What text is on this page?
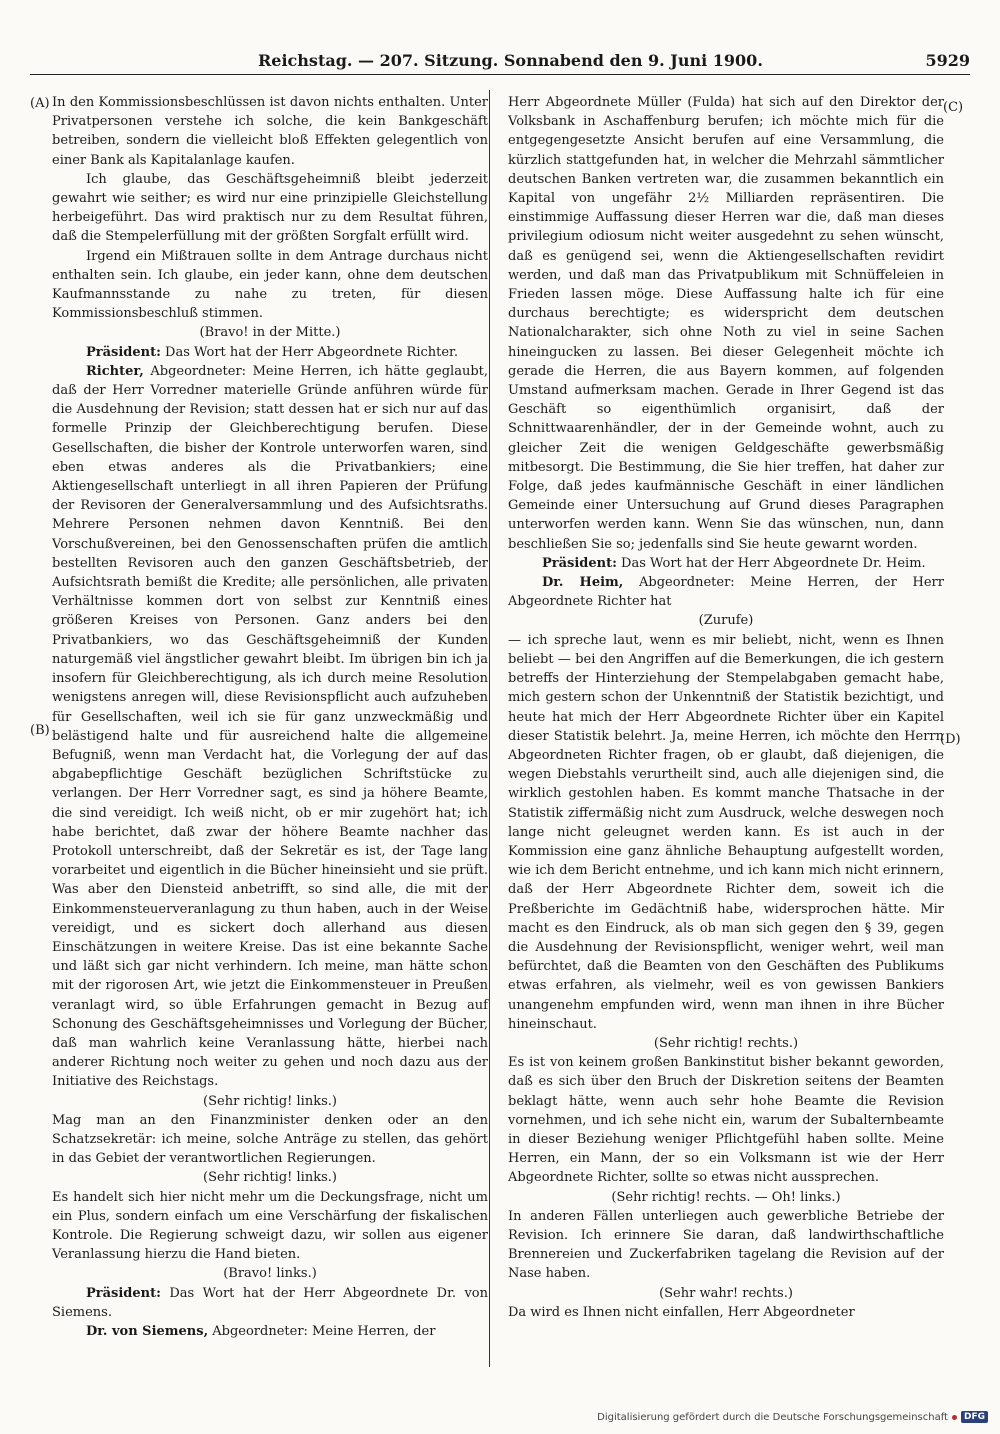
Reichstag. — 207. Sitzung. Sonnabend den 9. Juni 1900.	5929
(A)
(B)
(C)
(D)

In den Kommissionsbeschlüssen ist davon nichts enthalten. Unter Privatpersonen verstehe ich solche, die kein Bankgeschäft betreiben, sondern die vielleicht bloß Effekten gelegentlich von einer Bank als Kapitalanlage kaufen.

Ich glaube, das Geschäftsgeheimniß bleibt jederzeit gewahrt wie seither; es wird nur eine prinzipielle Gleichstellung herbeigeführt. Das wird praktisch nur zu dem Resultat führen, daß die Stempelerfüllung mit der größten Sorgfalt erfüllt wird.

Irgend ein Mißtrauen sollte in dem Antrage durchaus nicht enthalten sein. Ich glaube, ein jeder kann, ohne dem deutschen Kaufmannsstande zu nahe zu treten, für diesen Kommissionsbeschluß stimmen.

(Bravo! in der Mitte.)

Präsident: Das Wort hat der Herr Abgeordnete Richter.

Richter, Abgeordneter: Meine Herren, ich hätte geglaubt, daß der Herr Vorredner materielle Gründe anführen würde für die Ausdehnung der Revision; statt dessen hat er sich nur auf das formelle Prinzip der Gleichberechtigung berufen. Diese Gesellschaften, die bisher der Kontrole unterworfen waren, sind eben etwas anderes als die Privatbankiers; eine Aktiengesellschaft unterliegt in all ihren Papieren der Prüfung der Revisoren der Generalversammlung und des Aufsichtsraths. Mehrere Personen nehmen davon Kenntniß. Bei den Vorschußvereinen, bei den Genossenschaften prüfen die amtlich bestellten Revisoren auch den ganzen Geschäftsbetrieb, der Aufsichtsrath bemißt die Kredite; alle persönlichen, alle privaten Verhältnisse kommen dort von selbst zur Kenntniß eines größeren Kreises von Personen. Ganz anders bei den Privatbankiers, wo das Geschäftsgeheimniß der Kunden naturgemäß viel ängstlicher gewahrt bleibt. Im übrigen bin ich ja insofern für Gleichberechtigung, als ich durch meine Resolution wenigstens anregen will, diese Revisionspflicht auch aufzuheben für Gesellschaften, weil ich sie für ganz unzweckmäßig und belästigend halte und für ausreichend halte die allgemeine Befugniß, wenn man Verdacht hat, die Vorlegung der auf das abgabepflichtige Geschäft bezüglichen Schriftstücke zu verlangen. Der Herr Vorredner sagt, es sind ja höhere Beamte, die sind vereidigt. Ich weiß nicht, ob er mir zugehört hat; ich habe berichtet, daß zwar der höhere Beamte nachher das Protokoll unterschreibt, daß der Sekretär es ist, der Tage lang vorarbeitet und eigentlich in die Bücher hineinsieht und sie prüft. Was aber den Diensteid anbetrifft, so sind alle, die mit der Einkommensteuerveranlagung zu thun haben, auch in der Weise vereidigt, und es sickert doch allerhand aus diesen Einschätzungen in weitere Kreise. Das ist eine bekannte Sache und läßt sich gar nicht verhindern. Ich meine, man hätte schon mit der rigorosen Art, wie jetzt die Einkommensteuer in Preußen veranlagt wird, so üble Erfahrungen gemacht in Bezug auf Schonung des Geschäftsgeheimnisses und Vorlegung der Bücher, daß man wahrlich keine Veranlassung hätte, hierbei nach anderer Richtung noch weiter zu gehen und noch dazu aus der Initiative des Reichstags.

(Sehr richtig! links.)

Mag man an den Finanzminister denken oder an den Schatzsekretär: ich meine, solche Anträge zu stellen, das gehört in das Gebiet der verantwortlichen Regierungen.

(Sehr richtig! links.)

Es handelt sich hier nicht mehr um die Deckungsfrage, nicht um ein Plus, sondern einfach um eine Verschärfung der fiskalischen Kontrole. Die Regierung schweigt dazu, wir sollen aus eigener Veranlassung hierzu die Hand bieten.

(Bravo! links.)

Präsident: Das Wort hat der Herr Abgeordnete Dr. von Siemens.

Dr. von Siemens, Abgeordneter: Meine Herren, der

Herr Abgeordnete Müller (Fulda) hat sich auf den Direktor der Volksbank in Aschaffenburg berufen; ich möchte mich für die entgegengesetzte Ansicht berufen auf eine Versammlung, die kürzlich stattgefunden hat, in welcher die Mehrzahl sämmtlicher deutschen Banken vertreten war, die zusammen bekanntlich ein Kapital von ungefähr 2½ Milliarden repräsentiren. Die einstimmige Auffassung dieser Herren war die, daß man dieses privilegium odiosum nicht weiter ausgedehnt zu sehen wünscht, daß es genügend sei, wenn die Aktiengesellschaften revidirt werden, und daß man das Privatpublikum mit Schnüffeleien in Frieden lassen möge. Diese Auffassung halte ich für eine durchaus berechtigte; es widerspricht dem deutschen Nationalcharakter, sich ohne Noth zu viel in seine Sachen hineingucken zu lassen. Bei dieser Gelegenheit möchte ich gerade die Herren, die aus Bayern kommen, auf folgenden Umstand aufmerksam machen. Gerade in Ihrer Gegend ist das Geschäft so eigenthümlich organisirt, daß der Schnittwaarenhändler, der in der Gemeinde wohnt, auch zu gleicher Zeit die wenigen Geldgeschäfte gewerbsmäßig mitbesorgt. Die Bestimmung, die Sie hier treffen, hat daher zur Folge, daß jedes kaufmännische Geschäft in einer ländlichen Gemeinde einer Untersuchung auf Grund dieses Paragraphen unterworfen werden kann. Wenn Sie das wünschen, nun, dann beschließen Sie so; jedenfalls sind Sie heute gewarnt worden.

Präsident: Das Wort hat der Herr Abgeordnete Dr. Heim.

Dr. Heim, Abgeordneter: Meine Herren, der Herr Abgeordnete Richter hat

(Zurufe)

— ich spreche laut, wenn es mir beliebt, nicht, wenn es Ihnen beliebt — bei den Angriffen auf die Bemerkungen, die ich gestern betreffs der Hinterziehung der Stempelabgaben gemacht habe, mich gestern schon der Unkenntniß der Statistik bezichtigt, und heute hat mich der Herr Abgeordnete Richter über ein Kapitel dieser Statistik belehrt. Ja, meine Herren, ich möchte den Herrn Abgeordneten Richter fragen, ob er glaubt, daß diejenigen, die wegen Diebstahls verurtheilt sind, auch alle diejenigen sind, die wirklich gestohlen haben. Es kommt manche Thatsache in der Statistik ziffermäßig nicht zum Ausdruck, welche deswegen noch lange nicht geleugnet werden kann. Es ist auch in der Kommission eine ganz ähnliche Behauptung aufgestellt worden, wie ich dem Bericht entnehme, und ich kann mich nicht erinnern, daß der Herr Abgeordnete Richter dem, soweit ich die Preßberichte im Gedächtniß habe, widersprochen hätte. Mir macht es den Eindruck, als ob man sich gegen den § 39, gegen die Ausdehnung der Revisionspflicht, weniger wehrt, weil man befürchtet, daß die Beamten von den Geschäften des Publikums etwas erfahren, als vielmehr, weil es von gewissen Bankiers unangenehm empfunden wird, wenn man ihnen in ihre Bücher hineinschaut.

(Sehr richtig! rechts.)

Es ist von keinem großen Bankinstitut bisher bekannt geworden, daß es sich über den Bruch der Diskretion seitens der Beamten beklagt hätte, wenn auch sehr hohe Beamte die Revision vornehmen, und ich sehe nicht ein, warum der Subalternbeamte in dieser Beziehung weniger Pflichtgefühl haben sollte. Meine Herren, ein Mann, der so ein Volksmann ist wie der Herr Abgeordnete Richter, sollte so etwas nicht aussprechen.

(Sehr richtig! rechts. — Oh! links.)

In anderen Fällen unterliegen auch gewerbliche Betriebe der Revision. Ich erinnere Sie daran, daß landwirthschaftliche Brennereien und Zuckerfabriken tagelang die Revision auf der Nase haben.

(Sehr wahr! rechts.)

Da wird es Ihnen nicht einfallen, Herr Abgeordneter

Digitalisierung gefördert durch die Deutsche Forschungsgemeinschaft	DFG
